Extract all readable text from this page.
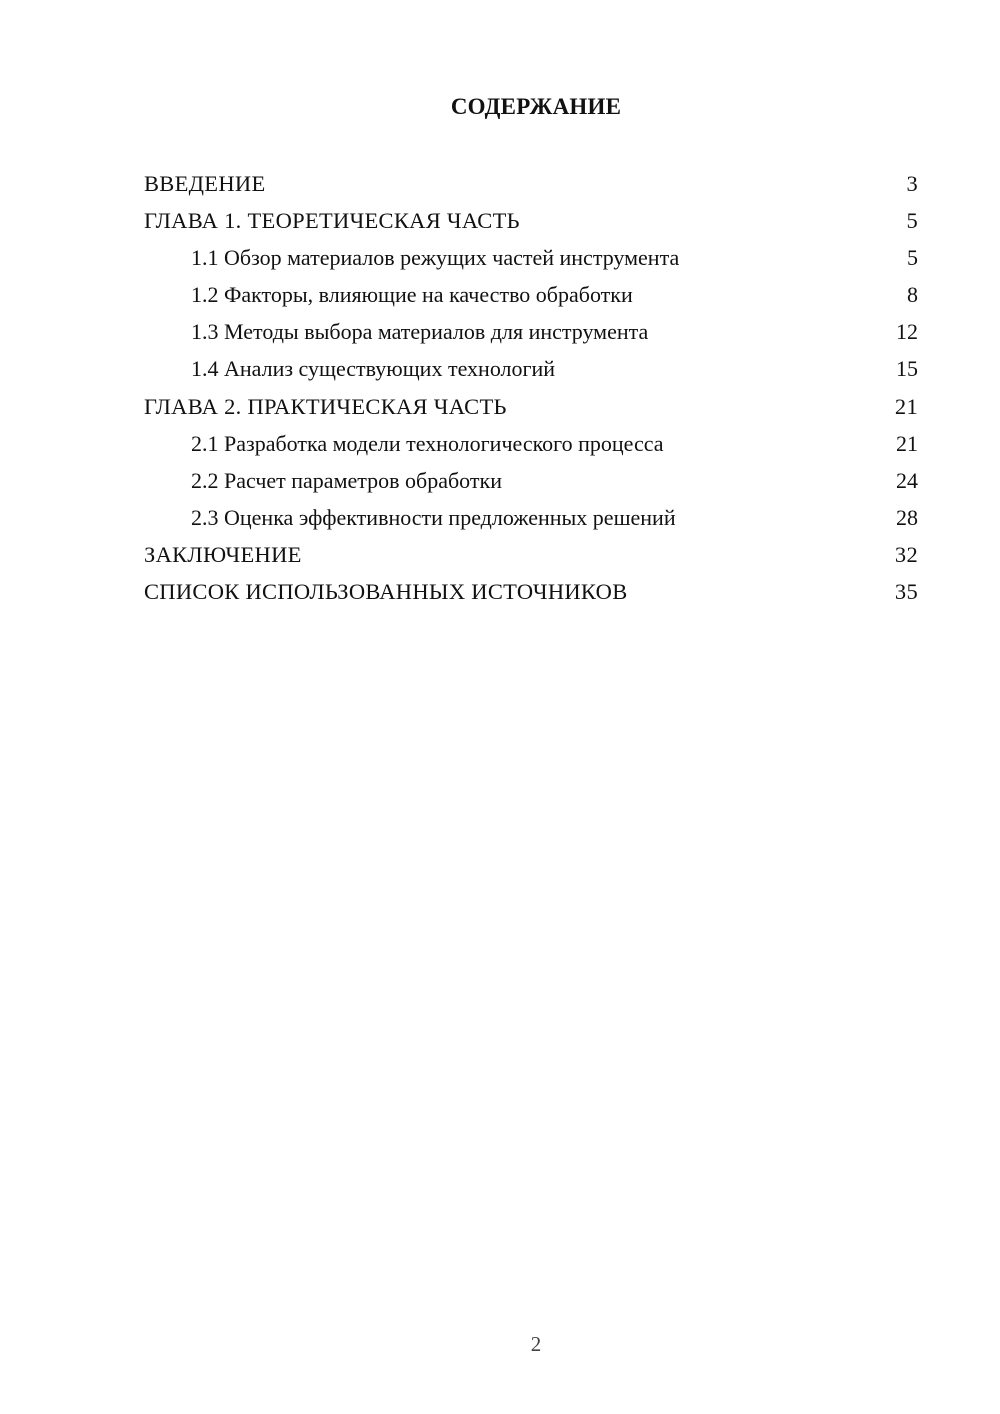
СОДЕРЖАНИЕ
ВВЕДЕНИЕ	3
ГЛАВА 1. ТЕОРЕТИЧЕСКАЯ ЧАСТЬ	5
1.1 Обзор материалов режущих частей инструмента	5
1.2 Факторы, влияющие на качество обработки	8
1.3 Методы выбора материалов для инструмента	12
1.4 Анализ существующих технологий	15
ГЛАВА 2. ПРАКТИЧЕСКАЯ ЧАСТЬ	21
2.1 Разработка модели технологического процесса	21
2.2 Расчет параметров обработки	24
2.3 Оценка эффективности предложенных решений	28
ЗАКЛЮЧЕНИЕ	32
СПИСОК ИСПОЛЬЗОВАННЫХ ИСТОЧНИКОВ	35
2
